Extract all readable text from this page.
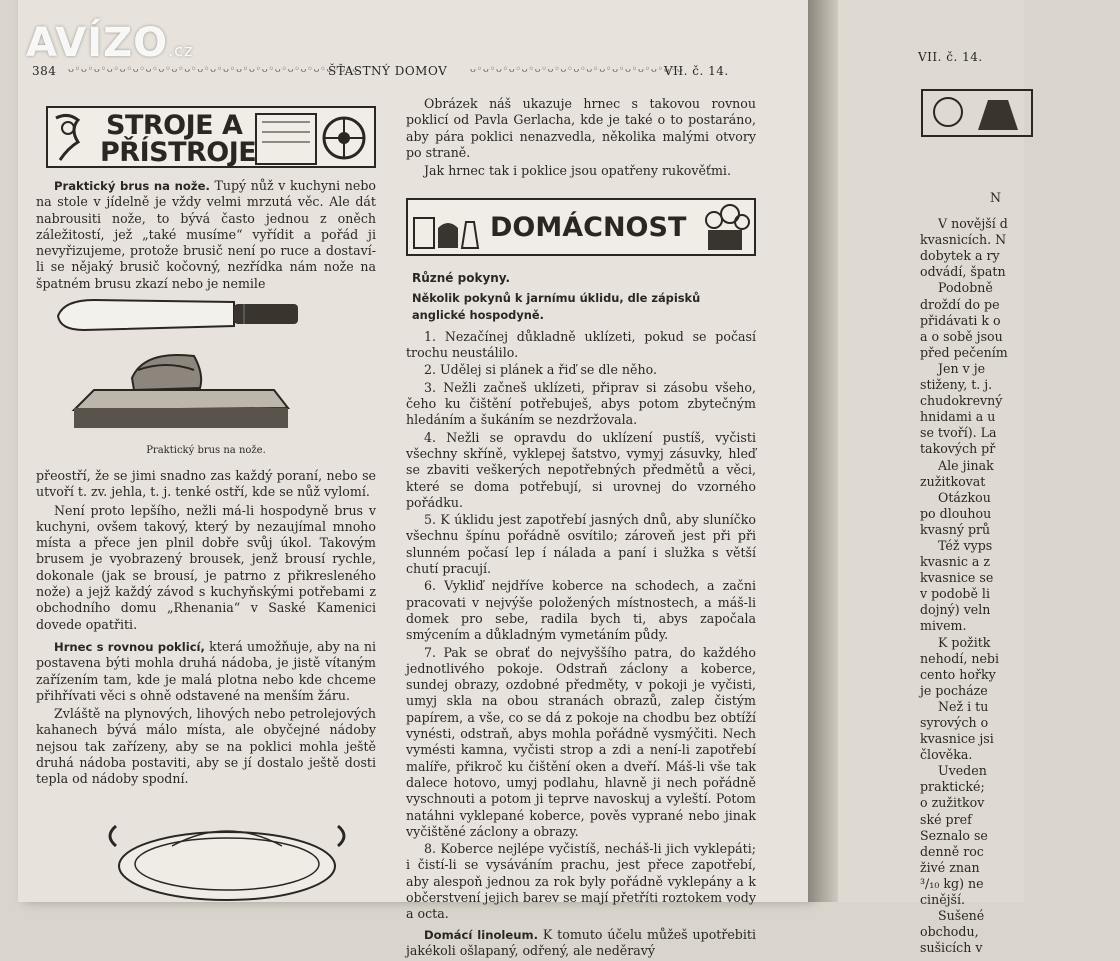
AVÍZO.cz
384 ᴗ◦ᴗ◦ᴗ◦ᴗ◦ᴗ◦ᴗ◦ᴗ◦ᴗ◦ᴗ◦ᴗ◦ᴗ◦ᴗ◦ᴗ◦ᴗ◦ᴗ◦ᴗ◦ᴗ◦ᴗ◦ᴗ◦ᴗ◦ᴗ◦ᴗ◦ᴗ
ŠŤASTNÝ DOMOV ᴗ◦ᴗ◦ᴗ◦ᴗ◦ᴗ◦ᴗ◦ᴗ◦ᴗ◦ᴗ◦ᴗ◦ᴗ◦ᴗ◦ᴗ◦ᴗ◦ᴗ◦ᴗ◦ᴗ
VII. č. 14.
STROJE A
PŘÍSTROJE

Praktický brus na nože. Tupý nůž v kuchyni nebo na stole v jídelně je vždy velmi mrzutá věc. Ale dát nabrousiti nože, to bývá často jednou z oněch záležitostí, jež „také musíme“ vyřídit a pořád ji nevyřizujeme, protože brusič není po ruce a dostaví-li se nějaký brusič kočovný, nezřídka nám nože na špatném brusu zkazí nebo je nemile

Praktický brus na nože.

přeostří, že se jimi snadno zas každý poraní, nebo se utvoří t. zv. jehla, t. j. tenké ostří, kde se nůž vylomí.

Není proto lepšího, nežli má-li hospodyně brus v kuchyni, ovšem takový, který by nezaujímal mnoho místa a přece jen plnil dobře svůj úkol. Takovým brusem je vyobrazený brousek, jenž brousí rychle, dokonale (jak se brousí, je patrno z přikresleného nože) a jejž každý závod s kuchyňskými potřebami z obchodního domu „Rhenania“ v Saské Kamenici dovede opatřiti.

Hrnec s rovnou poklicí, která umožňuje, aby na ni postavena býti mohla druhá nádoba, je jistě vítaným zařízením tam, kde je malá plotna nebo kde chceme přihřívati věci s ohně odstavené na menším žáru.

Zvláště na plynových, lihových nebo petrolejových kahanech bývá málo místa, ale obyčejné nádoby nejsou tak zařízeny, aby se na poklici mohla ještě druhá nádoba postaviti, aby se jí dostalo ještě dosti tepla od nádoby spodní.

Obrázek náš ukazuje hrnec s takovou rovnou poklicí od Pavla Gerlacha, kde je také o to postaráno, aby pára poklici nenazvedla, několika malými otvory po straně.

Jak hrnec tak i poklice jsou opatřeny rukověťmi.

DOMÁCNOST
Různé pokyny.
Několik pokynů k jarnímu úklidu, dle zápisků anglické hospodyně.
1. Nezačínej důkladně uklízeti, pokud se počasí trochu neustálilo.
2. Udělej si plánek a řiď se dle něho.
3. Nežli začneš uklízeti, připrav si zásobu všeho, čeho ku čištění potřebuješ, abys potom zbytečným hledáním a šukáním se nezdržovala.
4. Nežli se opravdu do uklízení pustíš, vyčisti všechny skříně, vyklepej šatstvo, vymyj zásuvky, hleď se zbaviti veškerých nepotřebných předmětů a věci, které se doma potřebují, si urovnej do vzorného pořádku.
5. K úklidu jest zapotřebí jasných dnů, aby sluníčko všechnu špínu pořádně osvítilo; zároveň jest při při slunném počasí lep í nálada a paní i služka s větší chutí pracují.
6. Vykliď nejdříve koberce na schodech, a začni pracovati v nejvýše položených místnostech, a máš-li domek pro sebe, radila bych ti, abys započala smýcením a důkladným vymetáním půdy.
7. Pak se obrať do nejvyššího patra, do každého jednotlivého pokoje. Odstraň záclony a koberce, sundej obrazy, ozdobné předměty, v pokoji je vyčisti, umyj skla na obou stranách obrazů, zalep čistým papírem, a vše, co se dá z pokoje na chodbu bez obtíží vynésti, odstraň, abys mohla pořádně vysmýčiti. Nech vymésti kamna, vyčisti strop a zdi a není-li zapotřebí malíře, přikroč ku čištění oken a dveří. Máš-li vše tak dalece hotovo, umyj podlahu, hlavně ji nech pořádně vyschnouti a potom ji teprve navoskuj a vyleští. Potom natáhni vyklepané koberce, pověs vyprané nebo jinak vyčištěné záclony a obrazy.
8. Koberce nejlépe vyčistíš, necháš-li jich vyklepáti; i čistí-li se vysáváním prachu, jest přece zapotřebí, aby alespoň jednou za rok byly pořádně vyklepány a k občerstvení jejich barev se mají přetříti roztokem vody a octa.

Domácí linoleum. K tomuto účelu můžeš upotřebiti jakékoli ošlapaný, odřený, ale neděravý

VII. č. 14.

N

V novější d

kvasnicích. N

dobytek a ry

odvádí, špatn

Podobně

droždí do pe

přidávati k o

a o sobě jsou

před pečením

Jen v je

stiženy, t. j.

chudokrevný

hnidami a u

se tvoří). La

takových př

Ale jinak

zužitkovat

Otázkou

po dlouhou

kvasný prů

Též vyps

kvasnic a z

kvasnice se

v podobě li

dojný) veln

mivem.

K požitk

nehodí, nebi

cento hořky

je pocháze

Než i tu

syrových o

kvasnice jsi

člověka.

Uveden

praktické;

o zužitkov

ské pref

Seznalo se

denně roc

živé znan

³/₁₀ kg) ne

cinější.

Sušené

obchodu,

sušicích v
